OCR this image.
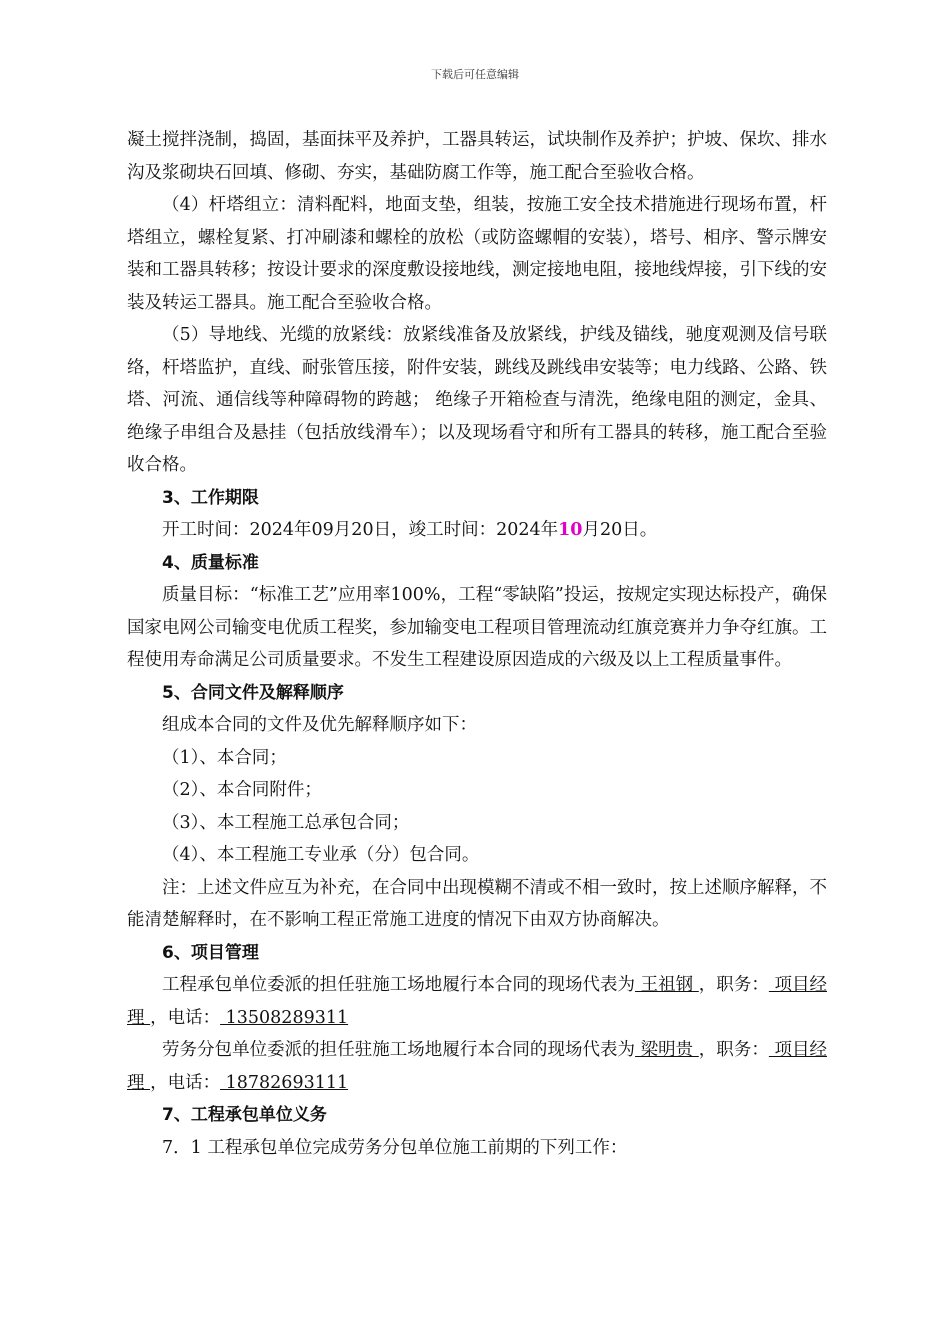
下载后可任意编辑

凝土搅拌浇制，捣固，基面抹平及养护，工器具转运，试块制作及养护；护坡、保坎、排水沟及浆砌块石回填、修砌、夯实，基础防腐工作等，施工配合至验收合格。

（4）杆塔组立：清料配料，地面支垫，组装，按施工安全技术措施进行现场布置，杆塔组立，螺栓复紧、打冲刷漆和螺栓的放松（或防盗螺帽的安装），塔号、相序、警示牌安装和工器具转移；按设计要求的深度敷设接地线，测定接地电阻，接地线焊接，引下线的安装及转运工器具。施工配合至验收合格。

（5）导地线、光缆的放紧线：放紧线准备及放紧线，护线及锚线，驰度观测及信号联络，杆塔监护，直线、耐张管压接，附件安装，跳线及跳线串安装等；电力线路、公路、铁塔、河流、通信线等种障碍物的跨越； 绝缘子开箱检查与清洗，绝缘电阻的测定，金具、绝缘子串组合及悬挂（包括放线滑车）；以及现场看守和所有工器具的转移，施工配合至验收合格。

3、工作期限

开工时间：2024年09月20日，竣工时间：2024年10月20日。

4、质量标准

质量目标：“标准工艺”应用率100%，工程“零缺陷”投运，按规定实现达标投产，确保国家电网公司输变电优质工程奖，参加输变电工程项目管理流动红旗竞赛并力争夺红旗。工程使用寿命满足公司质量要求。不发生工程建设原因造成的六级及以上工程质量事件。

5、合同文件及解释顺序

组成本合同的文件及优先解释顺序如下：

（1）、本合同；

（2）、本合同附件；

（3）、本工程施工总承包合同；

（4）、本工程施工专业承（分）包合同。

注：上述文件应互为补充，在合同中出现模糊不清或不相一致时，按上述顺序解释，不能清楚解释时，在不影响工程正常施工进度的情况下由双方协商解决。

6、项目管理

工程承包单位委派的担任驻施工场地履行本合同的现场代表为 王祖钢 ，职务： 项目经理 ，电话： 13508289311

劳务分包单位委派的担任驻施工场地履行本合同的现场代表为 梁明贵 ，职务： 项目经理 ，电话： 18782693111

7、工程承包单位义务

7．1 工程承包单位完成劳务分包单位施工前期的下列工作：
